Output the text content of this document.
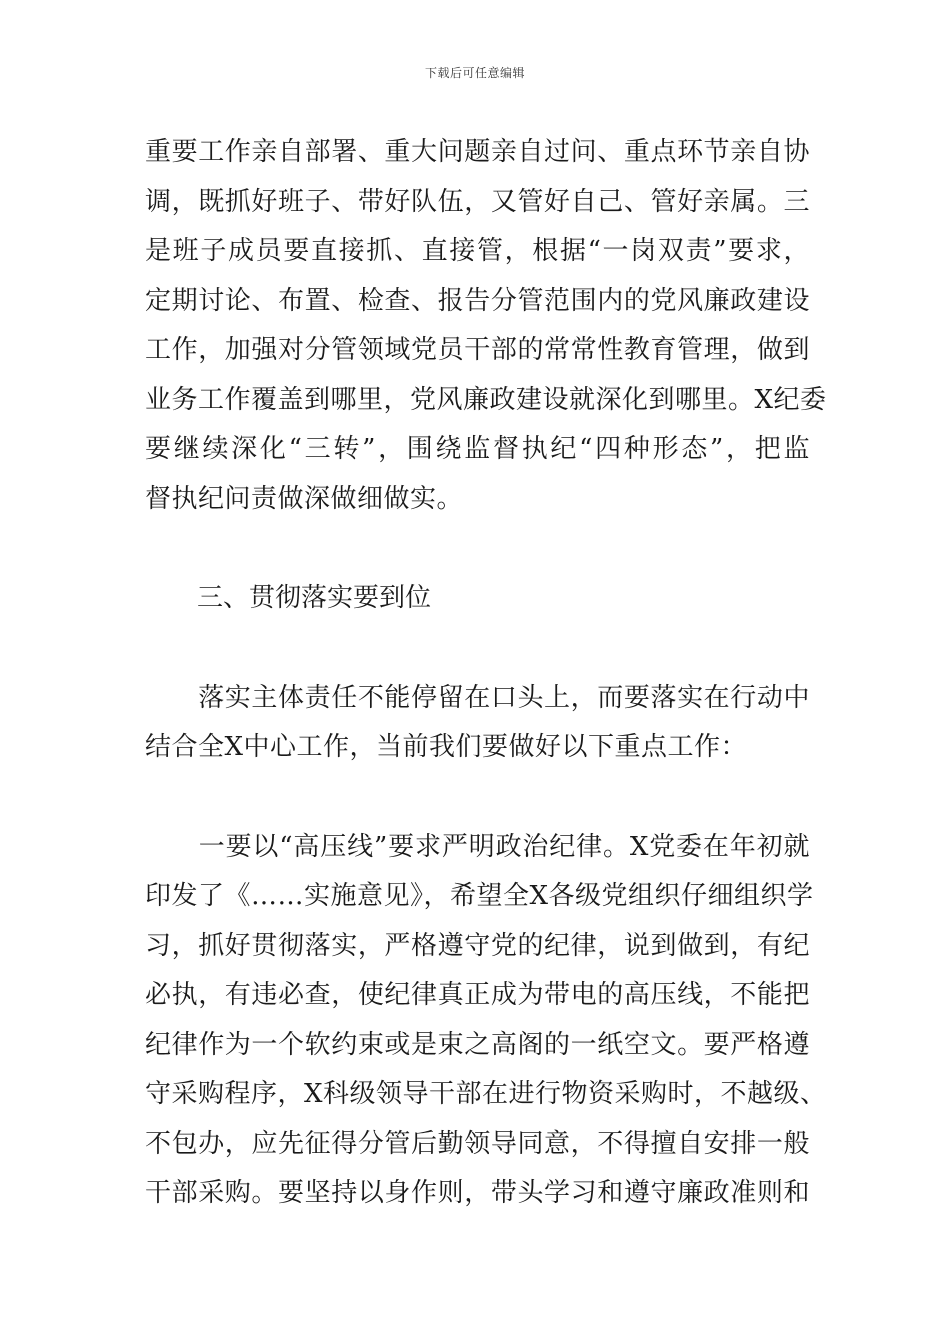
下载后可任意编辑
重要工作亲自部署、重大问题亲自过问、重点环节亲自协
调，既抓好班子、带好队伍，又管好自己、管好亲属。三
是班子成员要直接抓、直接管，根据“一岗双责”要求，
定期讨论、布置、检查、报告分管范围内的党风廉政建设
工作，加强对分管领域党员干部的常常性教育管理，做到
业务工作覆盖到哪里，党风廉政建设就深化到哪里。X纪委
要继续深化“三转”，围绕监督执纪“四种形态”，把监
督执纪问责做深做细做实。
三、贯彻落实要到位
　　落实主体责任不能停留在口头上，而要落实在行动中
结合全X中心工作，当前我们要做好以下重点工作：
　　一要以“高压线”要求严明政治纪律。X党委在年初就
印发了《……实施意见》，希望全X各级党组织仔细组织学
习，抓好贯彻落实，严格遵守党的纪律，说到做到，有纪
必执，有违必查，使纪律真正成为带电的高压线，不能把
纪律作为一个软约束或是束之高阁的一纸空文。要严格遵
守采购程序，X科级领导干部在进行物资采购时，不越级、
不包办，应先征得分管后勤领导同意，不得擅自安排一般
干部采购。要坚持以身作则，带头学习和遵守廉政准则和
